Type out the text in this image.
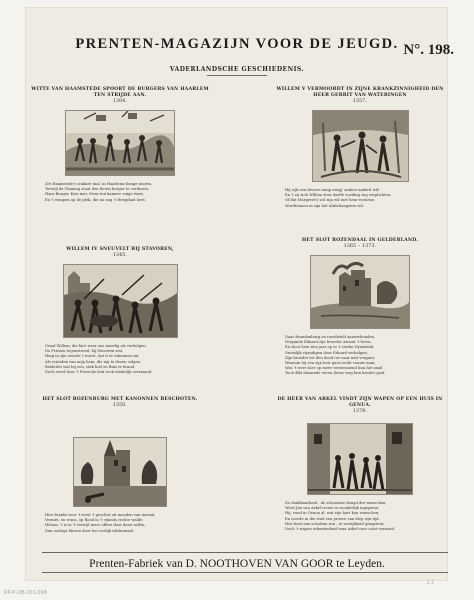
PRENTEN-MAGAZIJN VOOR DE JEUGD. N°. 198.
VADERLANDSCHE GESCHIEDENIS.
WITTE VAN HAAMSTEDE SPOORT DE BURGERS VAN HAARLEM TEN STRIJDE AAN.
1304.
Zet Haamstede's wakkre taal, in Haarlems bange muren,
Terwijl de Vlaming staat den fieren burger te verduren,
Haar Burger, Krei mer, Prins ten kamere vuige twist,
En 't wimpen op de plek, die nu nog 't Hemplaat heet.
WILLEM V VERMOORDT IN ZIJNE KRANKZINNIGHEID DEN HEER GERRIT VAN WATERINGEN
1357.
Hij zijk een droeve ramp zwijg' anders naderd wil!
En 't zij zich Willem door dartle voeding zag verplichten,
Of dat Margreet's wil zijn wil met hem verziene,
Wordtennen in zijn het Alderhaagsten wil.
WILLEM IV SNEUVELT BIJ STAVOREN,
1345.
Graaf Willem, die hier weer zoo moedig als verbolgen,
De Friezen tegenstreed, bij Stavoren wat,
Hing in zijn woede' t woest, dat ít er erkennen zat
Als vriesden van mijn hem, die mij te dezen volgen.
Beiderlei wat bij een, stak hiel en Buis te brand,
Doch werd door 't Friesche heir toch eindelijk overmand.
HET SLOT ROZENDAAL IN GELDERLAND.
1365 – 1373.
Daar Brandenburg en ruwdistelt aanverbonden,
Vergunde Eduard zijn broeder Arnout 't leven,
En sloot hem tien jaar op in 't sterke Nyenbeek.
Onzinlijk vijandigen door Eduard verbolgen,
Zijn broeder tot den dood toe naar niet vergunt,
Waarom hij een zijn heir gans recht vonnis nam;
Was 't terre hier op meer verstrooiend hun het zand
Toch dikt duizende vreen drens weg hun kruiter graf.
HET SLOT ROZENBURG MET KANONNEN BESCHOTEN.
1350.
Hier brankt voor 't eerst 't geschut uit monden van metaal,
Verniet, en wuus, op Rood in 't vijands rechte walde;
Helaas, 't is in 't verwijt meer offers door daen vallen,
Dan oorlogs klevon door het oorlijk riddermaal.
DE HEER VAN ARKEL VINDT ZIJN WAPEN OP EEN HUIS IN GENUA.
1378.
De dankbaarheid , de schoonste deugd der menschen,
Werd Jan van Arkel trouw in wonderlijk ingeprent
Hij, vond in Genua al, wat zijn hart kon wenschen,
En roerde in die stad een proeve van diep zijn tijd.
Hoe bont aan schatten zou , in verrijkheid grasprent,
Doch 't wapen erkentenheid waa Arkel voor ooist vernoud.
Prenten-Fabriek van D. NOOTHOVEN VAN GOOR te Leyden.
RP-P-OB-201.098
11
